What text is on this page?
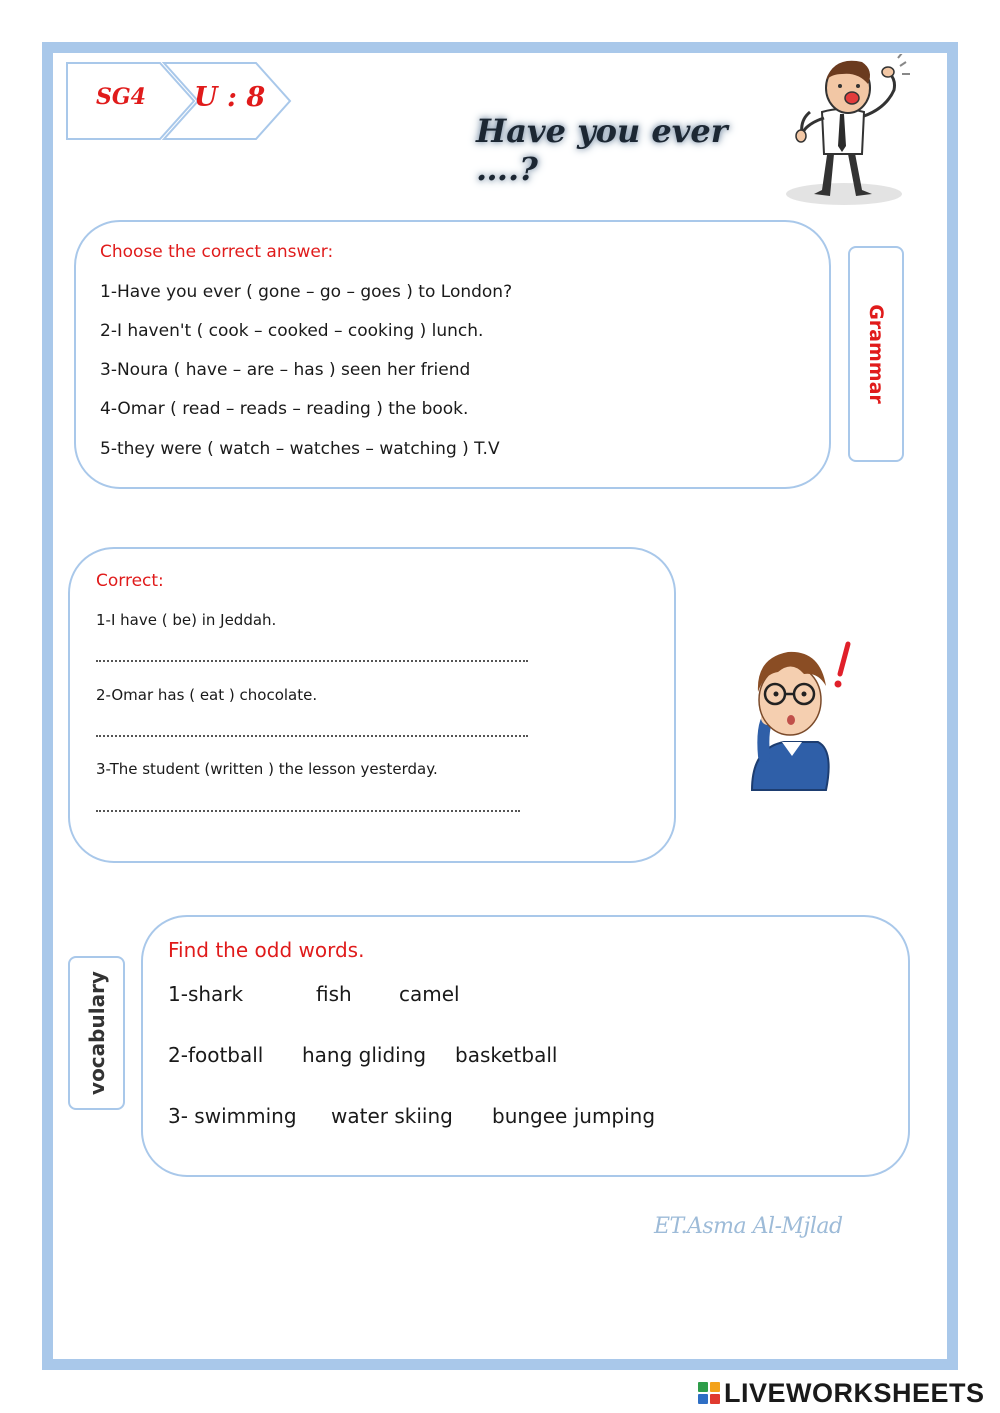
SG4	U : 8
Have you ever ….?
Choose the correct answer:
1-Have you ever ( gone – go – goes ) to London?
2-I haven't ( cook – cooked – cooking ) lunch.
3-Noura ( have – are – has ) seen her friend
4-Omar ( read – reads – reading ) the book.
5-they were ( watch – watches – watching ) T.V
Grammar
Correct:
1-I have ( be) in Jeddah.
2-Omar has ( eat ) chocolate.
3-The student (written ) the lesson yesterday.
Find the odd words.
1-shark	fish camel
2-football hang gliding basketball
3- swimming water skiing bungee jumping
vocabulary
ET.Asma Al-Mjlad
LIVEWORKSHEETS
